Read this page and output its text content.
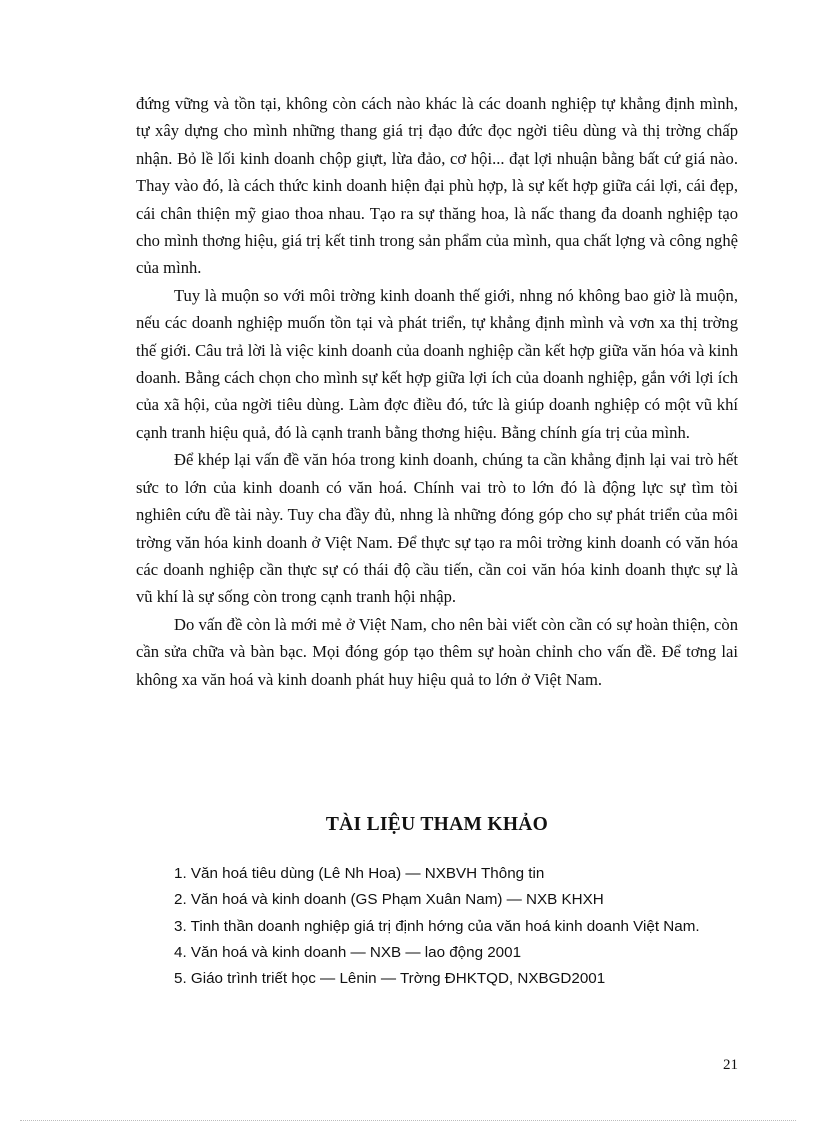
đứng vững và tồn tại, không còn cách nào khác là các doanh nghiệp tự khẳng định mình, tự xây dựng cho mình những thang giá trị đạo đức đọc ngời tiêu dùng và thị trờng chấp nhận. Bỏ lề lối kinh doanh chộp giựt, lừa đảo, cơ hội... đạt lợi nhuận bằng bất cứ giá nào. Thay vào đó, là cách thức kinh doanh hiện đại phù hợp, là sự kết hợp giữa cái lợi, cái đẹp, cái chân thiện mỹ giao thoa nhau. Tạo ra sự thăng hoa, là nấc thang đa doanh nghiệp tạo cho mình thơng hiệu, giá trị kết tinh trong sản phẩm của mình, qua chất lợng và công nghệ của mình.

Tuy là muộn so với môi trờng kinh doanh thế giới, nhng nó không bao giờ là muộn, nếu các doanh nghiệp muốn tồn tại và phát triển, tự khẳng định mình và vơn xa thị trờng thế giới. Câu trả lời là việc kinh doanh của doanh nghiệp cần kết hợp giữa văn hóa và kinh doanh. Bằng cách chọn cho mình sự kết hợp giữa lợi ích của doanh nghiệp, gắn với lợi ích của xã hội, của ngời tiêu dùng. Làm đợc điều đó, tức là giúp doanh nghiệp có một vũ khí cạnh tranh hiệu quả, đó là cạnh tranh bằng thơng hiệu. Bằng chính gía trị của mình.

Để khép lại vấn đề văn hóa trong kinh doanh, chúng ta cần khẳng định lại vai trò hết sức to lớn của kinh doanh có văn hoá. Chính vai trò to lớn đó là động lực sự tìm tòi nghiên cứu đề tài này. Tuy cha đầy đủ, nhng là những đóng góp cho sự phát triển của môi trờng văn hóa kinh doanh ở Việt Nam. Để thực sự tạo ra môi trờng kinh doanh có văn hóa các doanh nghiệp cần thực sự có thái độ cầu tiến, cần coi văn hóa kinh doanh thực sự là vũ khí là sự sống còn trong cạnh tranh hội nhập.

Do vấn đề còn là mới mẻ ở Việt Nam, cho nên bài viết còn cần có sự hoàn thiện, còn cần sửa chữa và bàn bạc. Mọi đóng góp tạo thêm sự hoàn chỉnh cho vấn đề. Để tơng lai không xa văn hoá và kinh doanh phát huy hiệu quả to lớn ở Việt Nam.

TÀI LIỆU THAM KHẢO
1. Văn hoá tiêu dùng (Lê Nh Hoa) — NXBVH Thông tin
2. Văn hoá và kinh doanh (GS Phạm Xuân Nam) — NXB KHXH
3. Tinh thần doanh nghiệp giá trị định hớng của văn hoá kinh doanh Việt Nam.
4. Văn hoá và kinh doanh — NXB — lao động 2001
5. Giáo trình triết học — Lênin — Trờng ĐHKTQD, NXBGD2001
21
